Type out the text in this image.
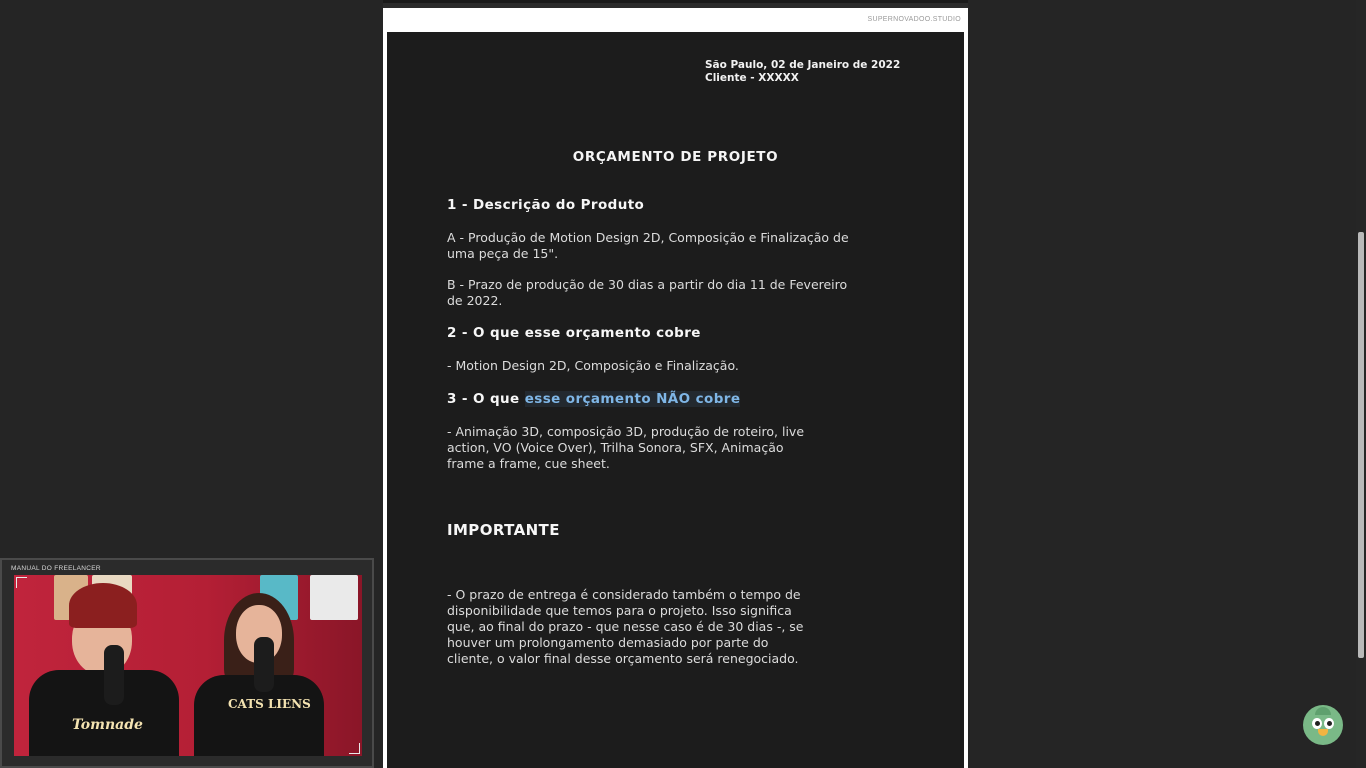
SUPERNOVADOO.STUDIO
São Paulo, 02 de Janeiro de 2022
Cliente - XXXXX
ORÇAMENTO DE PROJETO
1 - Descrição do Produto
A - Produção de Motion Design 2D, Composição e Finalização de
uma peça de 15".
B - Prazo de produção de 30 dias a partir do dia 11 de Fevereiro
de 2022.
2 - O que esse orçamento cobre
- Motion Design 2D, Composição e Finalização.
3 - O que esse orçamento NÃO cobre
- Animação 3D, composição 3D, produção de roteiro, live
action, VO (Voice Over), Trilha Sonora, SFX, Animação
frame a frame, cue sheet.
IMPORTANTE
- O prazo de entrega é considerado também o tempo de
disponibilidade que temos para o projeto. Isso significa
que, ao final do prazo - que nesse caso é de 30 dias -, se
houver um prolongamento demasiado por parte do
cliente, o valor final desse orçamento será renegociado.
MANUAL DO FREELANCER
Tomnade
CATS LIENS
